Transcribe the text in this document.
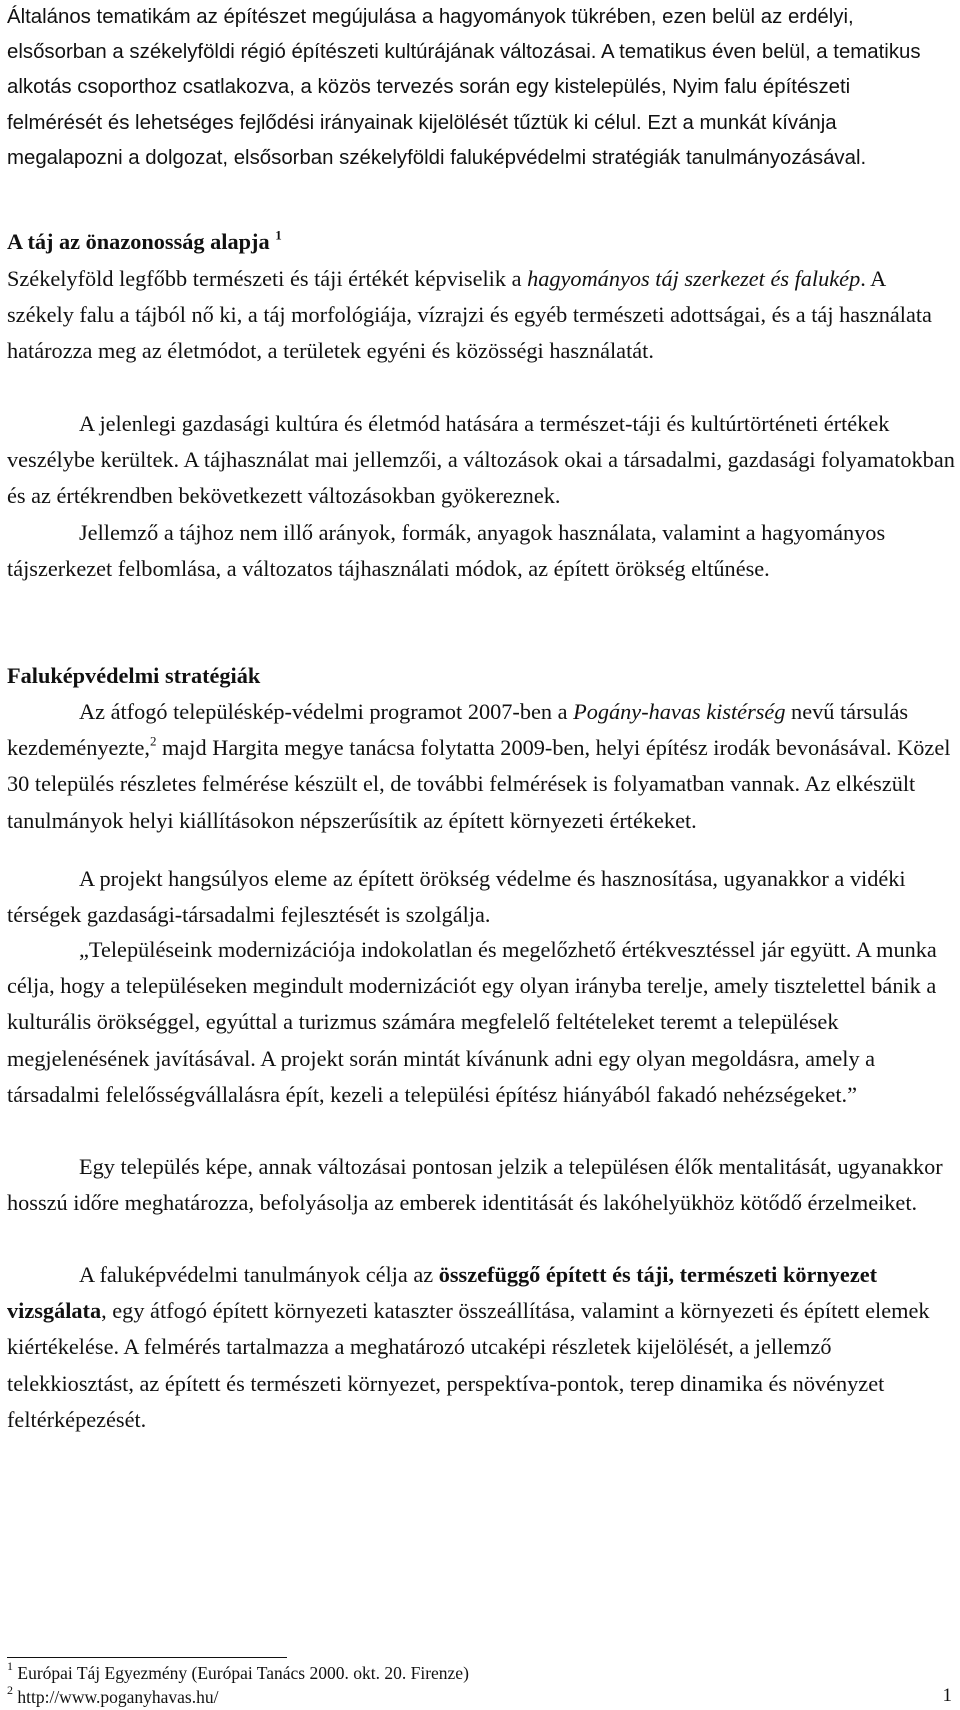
Általános tematikám az építészet megújulása a hagyományok tükrében, ezen belül az erdélyi, elsősorban a székelyföldi régió építészeti kultúrájának változásai. A tematikus éven belül, a tematikus alkotás csoporthoz csatlakozva, a közös tervezés során egy kistelepülés, Nyim falu építészeti felmérését és lehetséges fejlődési irányainak kijelölését tűztük ki célul. Ezt a munkát kívánja megalapozni a dolgozat, elsősorban székelyföldi faluképvédelmi stratégiák tanulmányozásával.

A táj az önazonosság alapja $^1$

Székelyföld legfőbb természeti és táji értékét képviselik a hagyományos táj szerkezet és falukép. A székely falu a tájból nő ki, a táj morfológiája, vízrajzi és egyéb természeti adottságai, és a táj használata határozza meg az életmódot, a területek egyéni és közösségi használatát.

A jelenlegi gazdasági kultúra és életmód hatására a természet-táji és kultúrtörténeti értékek veszélybe kerültek. A tájhasználat mai jellemzői, a változások okai a társadalmi, gazdasági folyamatokban és az értékrendben bekövetkezett változásokban gyökereznek.

Jellemző a tájhoz nem illő arányok, formák, anyagok használata, valamint a hagyományos tájszerkezet felbomlása, a változatos tájhasználati módok, az épített örökség eltűnése.

Faluképvédelmi stratégiák

Az átfogó településkép-védelmi programot 2007-ben a Pogány-havas kistérség nevű társulás kezdeményezte,$^2$ majd Hargita megye tanácsa folytatta 2009-ben, helyi építész irodák bevonásával. Közel 30 település részletes felmérése készült el, de további felmérések is folyamatban vannak. Az elkészült tanulmányok helyi kiállításokon népszerűsítik az épített környezeti értékeket.

A projekt hangsúlyos eleme az épített örökség védelme és hasznosítása, ugyanakkor a vidéki térségek gazdasági-társadalmi fejlesztését is szolgálja.

„Településeink modernizációja indokolatlan és megelőzhető értékvesztéssel jár együtt. A munka célja, hogy a településeken megindult modernizációt egy olyan irányba terelje, amely tisztelettel bánik a kulturális örökséggel, egyúttal a turizmus számára megfelelő feltételeket teremt a települések megjelenésének javításával. A projekt során mintát kívánunk adni egy olyan megoldásra, amely a társadalmi felelősségvállalásra épít, kezeli a települési építész hiányából fakadó nehézségeket.”

Egy település képe, annak változásai pontosan jelzik a településen élők mentalitását, ugyanakkor hosszú időre meghatározza, befolyásolja az emberek identitását és lakóhelyükhöz kötődő érzelmeiket.

A faluképvédelmi tanulmányok célja az összefüggő épített és táji, természeti környezet vizsgálata, egy átfogó épített környezeti kataszter összeállítása, valamint a környezeti és épített elemek kiértékelése. A felmérés tartalmazza a meghatározó utcaképi részletek kijelölését, a jellemző telekkiosztást, az épített és természeti környezet, perspektíva-pontok, terep dinamika és növényzet feltérképezését.

$^1$ Európai Táj Egyezmény (Európai Tanács 2000. okt. 20. Firenze)

$^2$ http://www.poganyhavas.hu/	1
